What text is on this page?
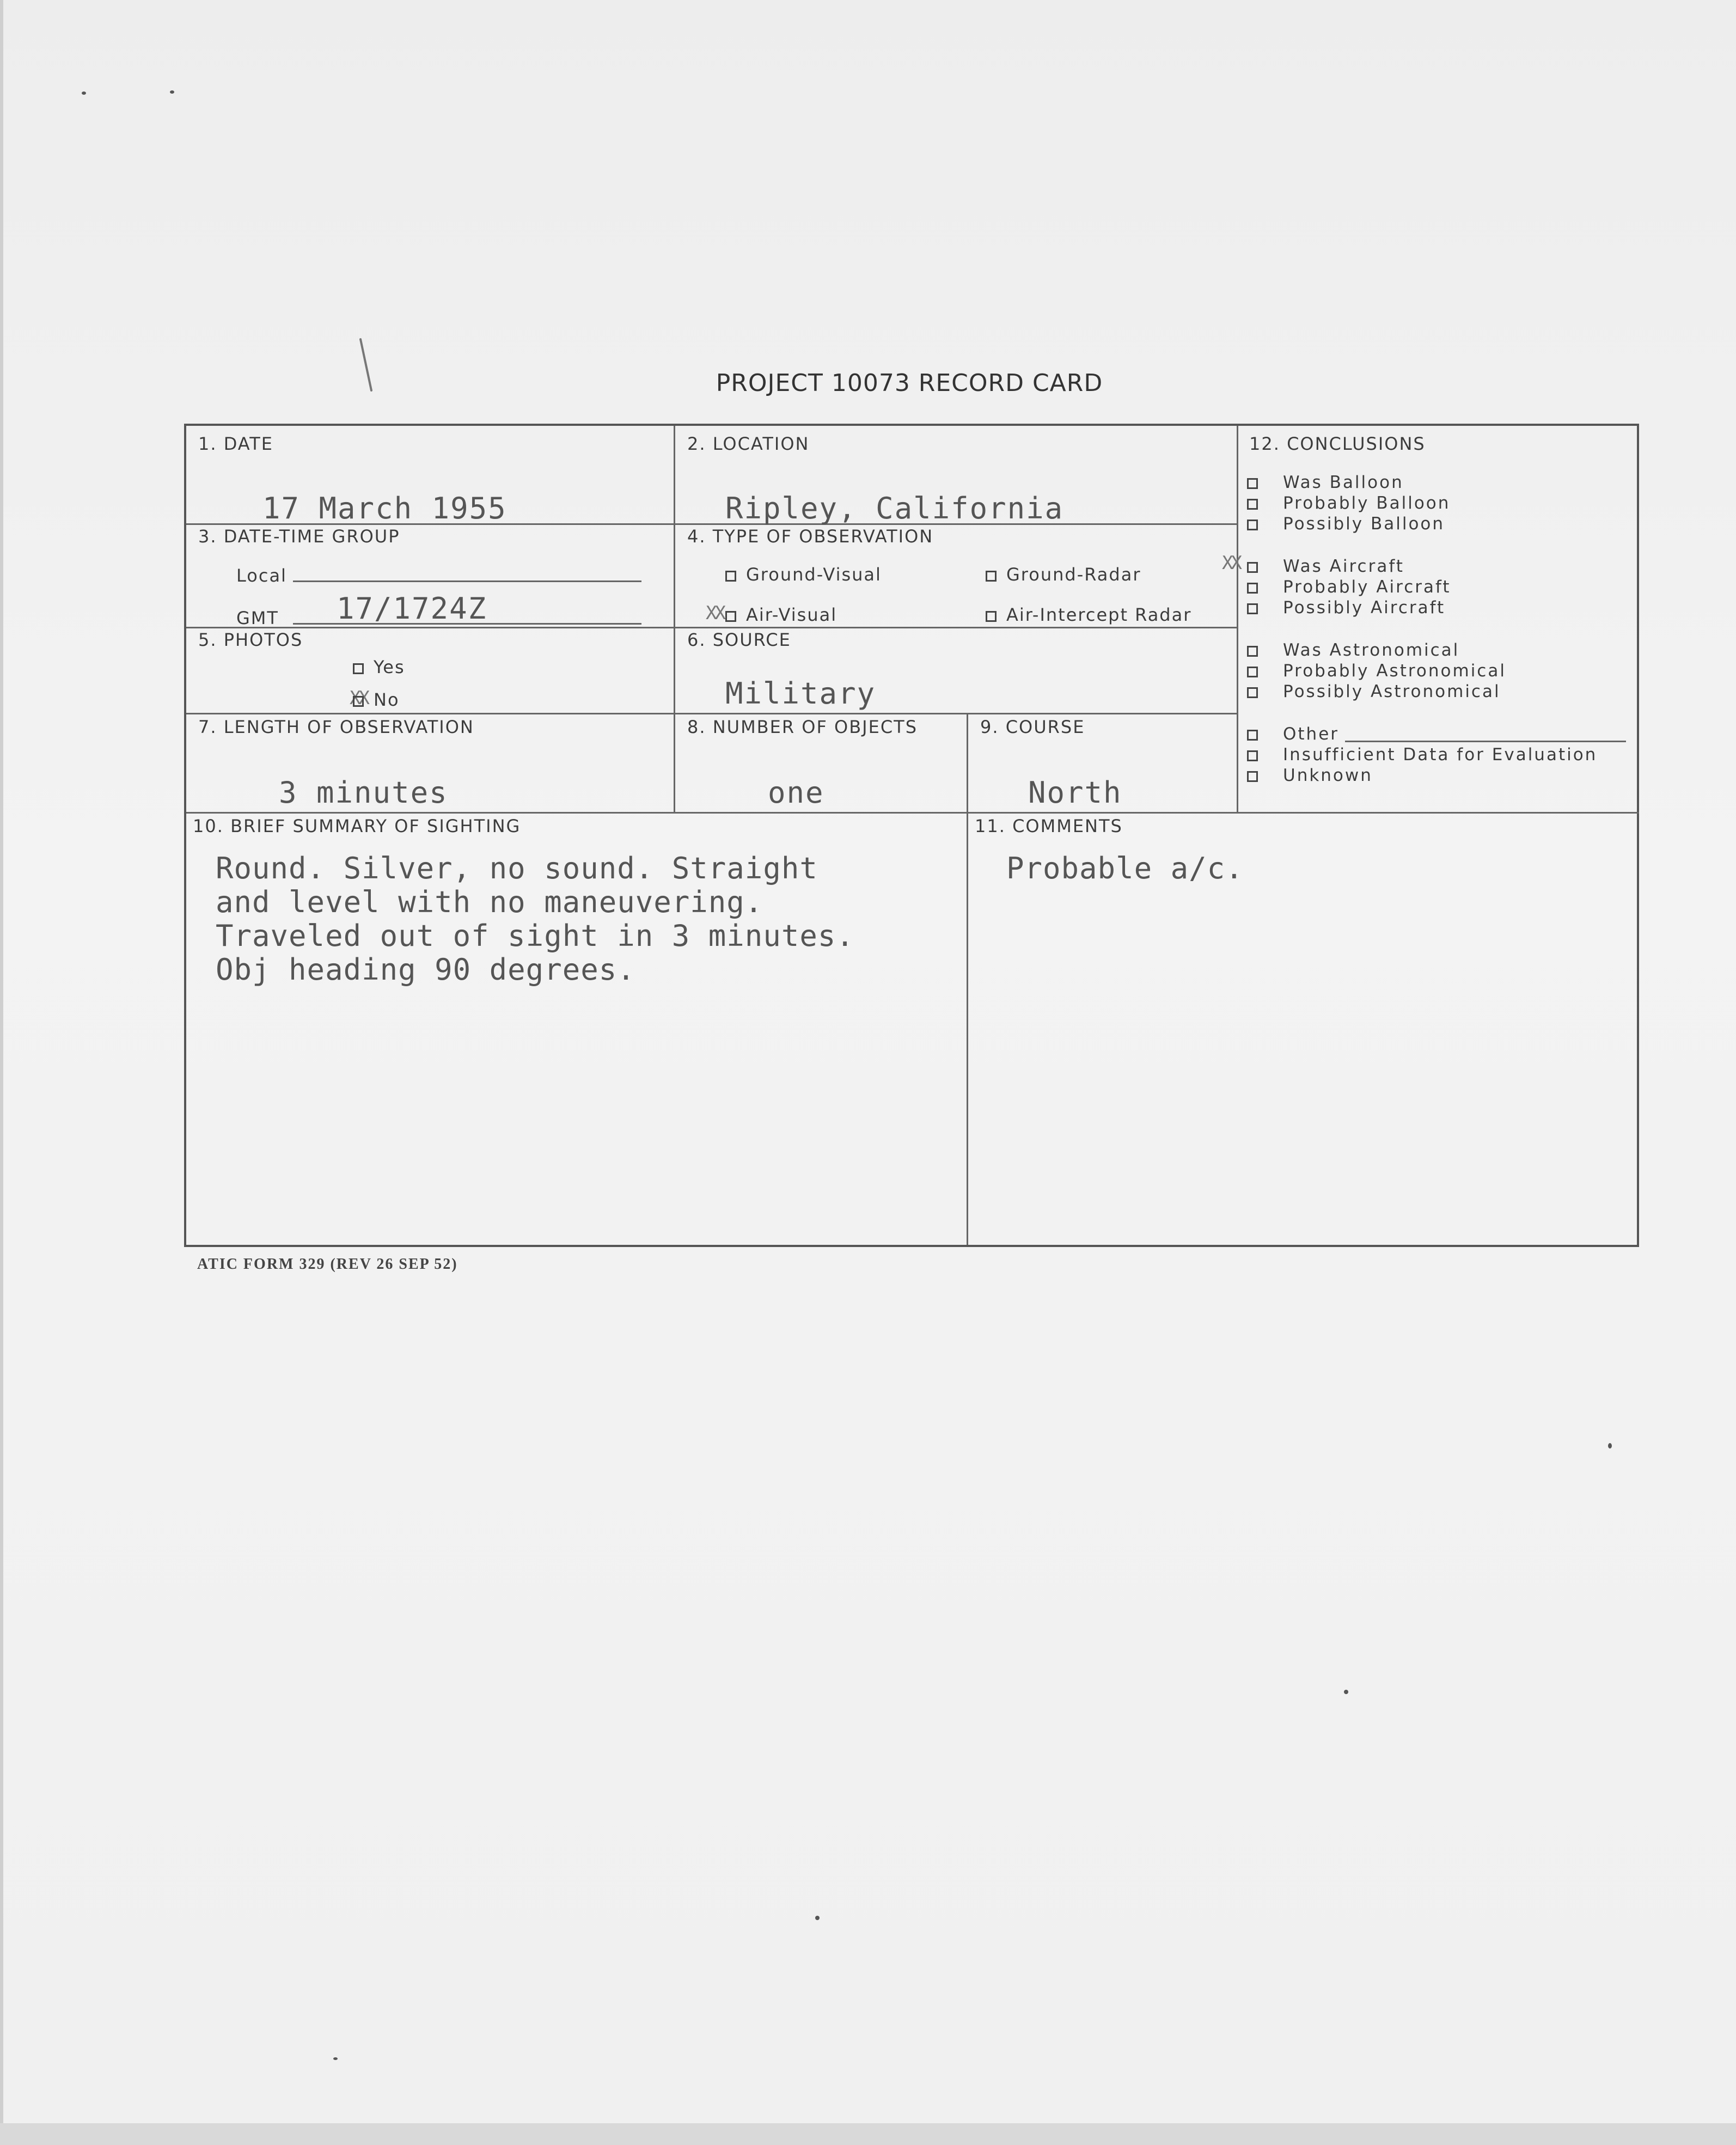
PROJECT 10073 RECORD CARD
1. DATE
17 March 1955
2. LOCATION
Ripley, California
12. CONCLUSIONS
3. DATE-TIME GROUP
Local
GMT 17/1724Z
4. TYPE OF OBSERVATION
Ground-Visual	Ground-Radar
XX	Air-Visual	Air-Intercept Radar
5. PHOTOS
Yes
XX No
6. SOURCE
Military
7. LENGTH OF OBSERVATION
3 minutes
8. NUMBER OF OBJECTS
one
9. COURSE
North
10. BRIEF SUMMARY OF SIGHTING
Round. Silver, no sound. Straight
and level with no maneuvering.
Traveled out of sight in 3 minutes.
Obj heading 90 degrees.
11. COMMENTS
Probable a/c.
Was Balloon
Probably Balloon
Possibly Balloon
XX	Was Aircraft
Probably Aircraft
Possibly Aircraft
Was Astronomical
Probably Astronomical
Possibly Astronomical
Other
Insufficient Data for Evaluation
Unknown
ATIC FORM 329 (REV 26 SEP 52)
